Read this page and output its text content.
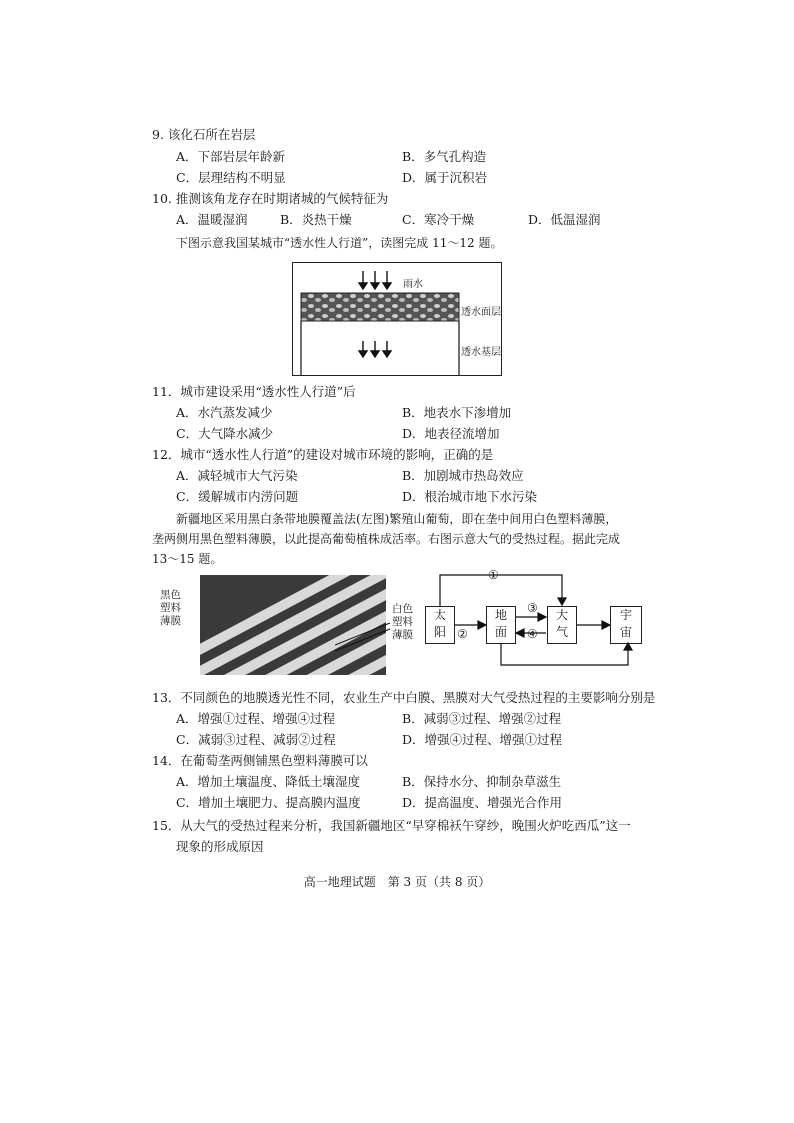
9. 该化石所在岩层
A．下部岩层年龄新	B．多气孔构造
C．层理结构不明显	D．属于沉积岩
10. 推测该角龙存在时期诸城的气候特征为
A．温暖湿润	B．炎热干燥	C．寒冷干燥	D．低温湿润
下图示意我国某城市“透水性人行道”，读图完成 11～12 题。
雨水
透水面层
透水基层
11．城市建设采用“透水性人行道”后
A．水汽蒸发减少	B．地表水下渗增加
C．大气降水减少	D．地表径流增加
12．城市“透水性人行道”的建设对城市环境的影响，正确的是
A．减轻城市大气污染	B．加剧城市热岛效应
C．缓解城市内涝问题	D．根治城市地下水污染
新疆地区采用黑白条带地膜覆盖法(左图)繁殖山葡萄，即在垄中间用白色塑料薄膜，
垄两侧用黑色塑料薄膜，以此提高葡萄植株成活率。右图示意大气的受热过程。据此完成
13～15 题。
黑色
塑料
薄膜
白色
塑料
薄膜
太
阳
地
面
大
气
宇
宙
①
②
③
④
13．不同颜色的地膜透光性不同，农业生产中白膜、黑膜对大气受热过程的主要影响分别是
A．增强①过程、增强④过程	B．减弱③过程、增强②过程
C．减弱③过程、减弱②过程	D．增强④过程、增强①过程
14．在葡萄垄两侧铺黑色塑料薄膜可以
A．增加土壤温度、降低土壤湿度	B．保持水分、抑制杂草滋生
C．增加土壤肥力、提高膜内温度	D．提高温度、增强光合作用
15．从大气的受热过程来分析，我国新疆地区“早穿棉袄午穿纱，晚围火炉吃西瓜”这一
现象的形成原因
高一地理试题　第 3 页（共 8 页）
